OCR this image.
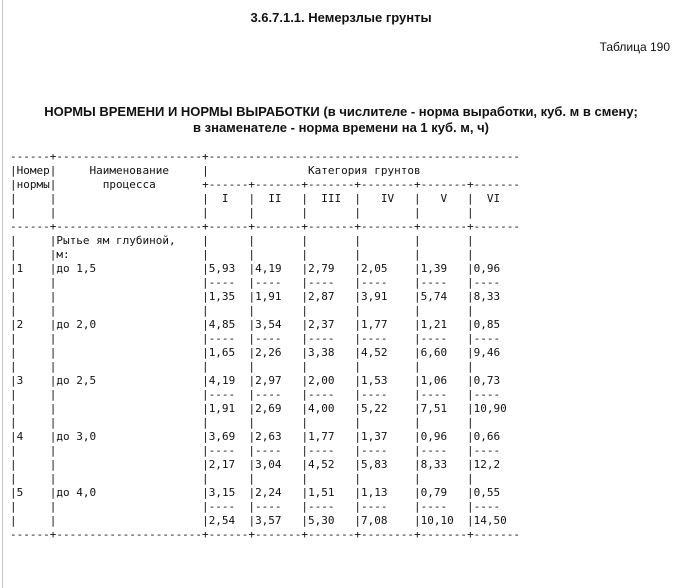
3.6.7.1.1. Немерзлые грунты
Таблица 190
НОРМЫ ВРЕМЕНИ И НОРМЫ ВЫРАБОТКИ (в числителе - норма выработки, куб. м в смену;
в знаменателе - норма времени на 1 куб. м, ч)
------+----------------------+-----------------------------------------------
|Номер|     Наименование     |               Категория грунтов
|нормы|       процесса       +------+-------+-------+--------+-------+-------
|     |                      |  I   |  II   |  III  |   IV   |   V   |  VI
|     |                      |      |       |       |        |       |
------+----------------------+------+-------+-------+--------+-------+-------
|     |Рытье ям глубиной,    |      |       |       |        |       |
|     |м:                    |      |       |       |        |       |
|1    |до 1,5                |5,93  |4,19   |2,79   |2,05    |1,39   |0,96
|     |                      |----  |----   |----   |----    |----   |----
|     |                      |1,35  |1,91   |2,87   |3,91    |5,74   |8,33
|     |                      |      |       |       |        |       |
|2    |до 2,0                |4,85  |3,54   |2,37   |1,77    |1,21   |0,85
|     |                      |----  |----   |----   |----    |----   |----
|     |                      |1,65  |2,26   |3,38   |4,52    |6,60   |9,46
|     |                      |      |       |       |        |       |
|3    |до 2,5                |4,19  |2,97   |2,00   |1,53    |1,06   |0,73
|     |                      |----  |----   |----   |----    |----   |----
|     |                      |1,91  |2,69   |4,00   |5,22    |7,51   |10,90
|     |                      |      |       |       |        |       |
|4    |до 3,0                |3,69  |2,63   |1,77   |1,37    |0,96   |0,66
|     |                      |----  |----   |----   |----    |----   |----
|     |                      |2,17  |3,04   |4,52   |5,83    |8,33   |12,2
|     |                      |      |       |       |        |       |
|5    |до 4,0                |3,15  |2,24   |1,51   |1,13    |0,79   |0,55
|     |                      |----  |----   |----   |----    |----   |----
|     |                      |2,54  |3,57   |5,30   |7,08    |10,10  |14,50
------+----------------------+------+-------+-------+--------+-------+-------
